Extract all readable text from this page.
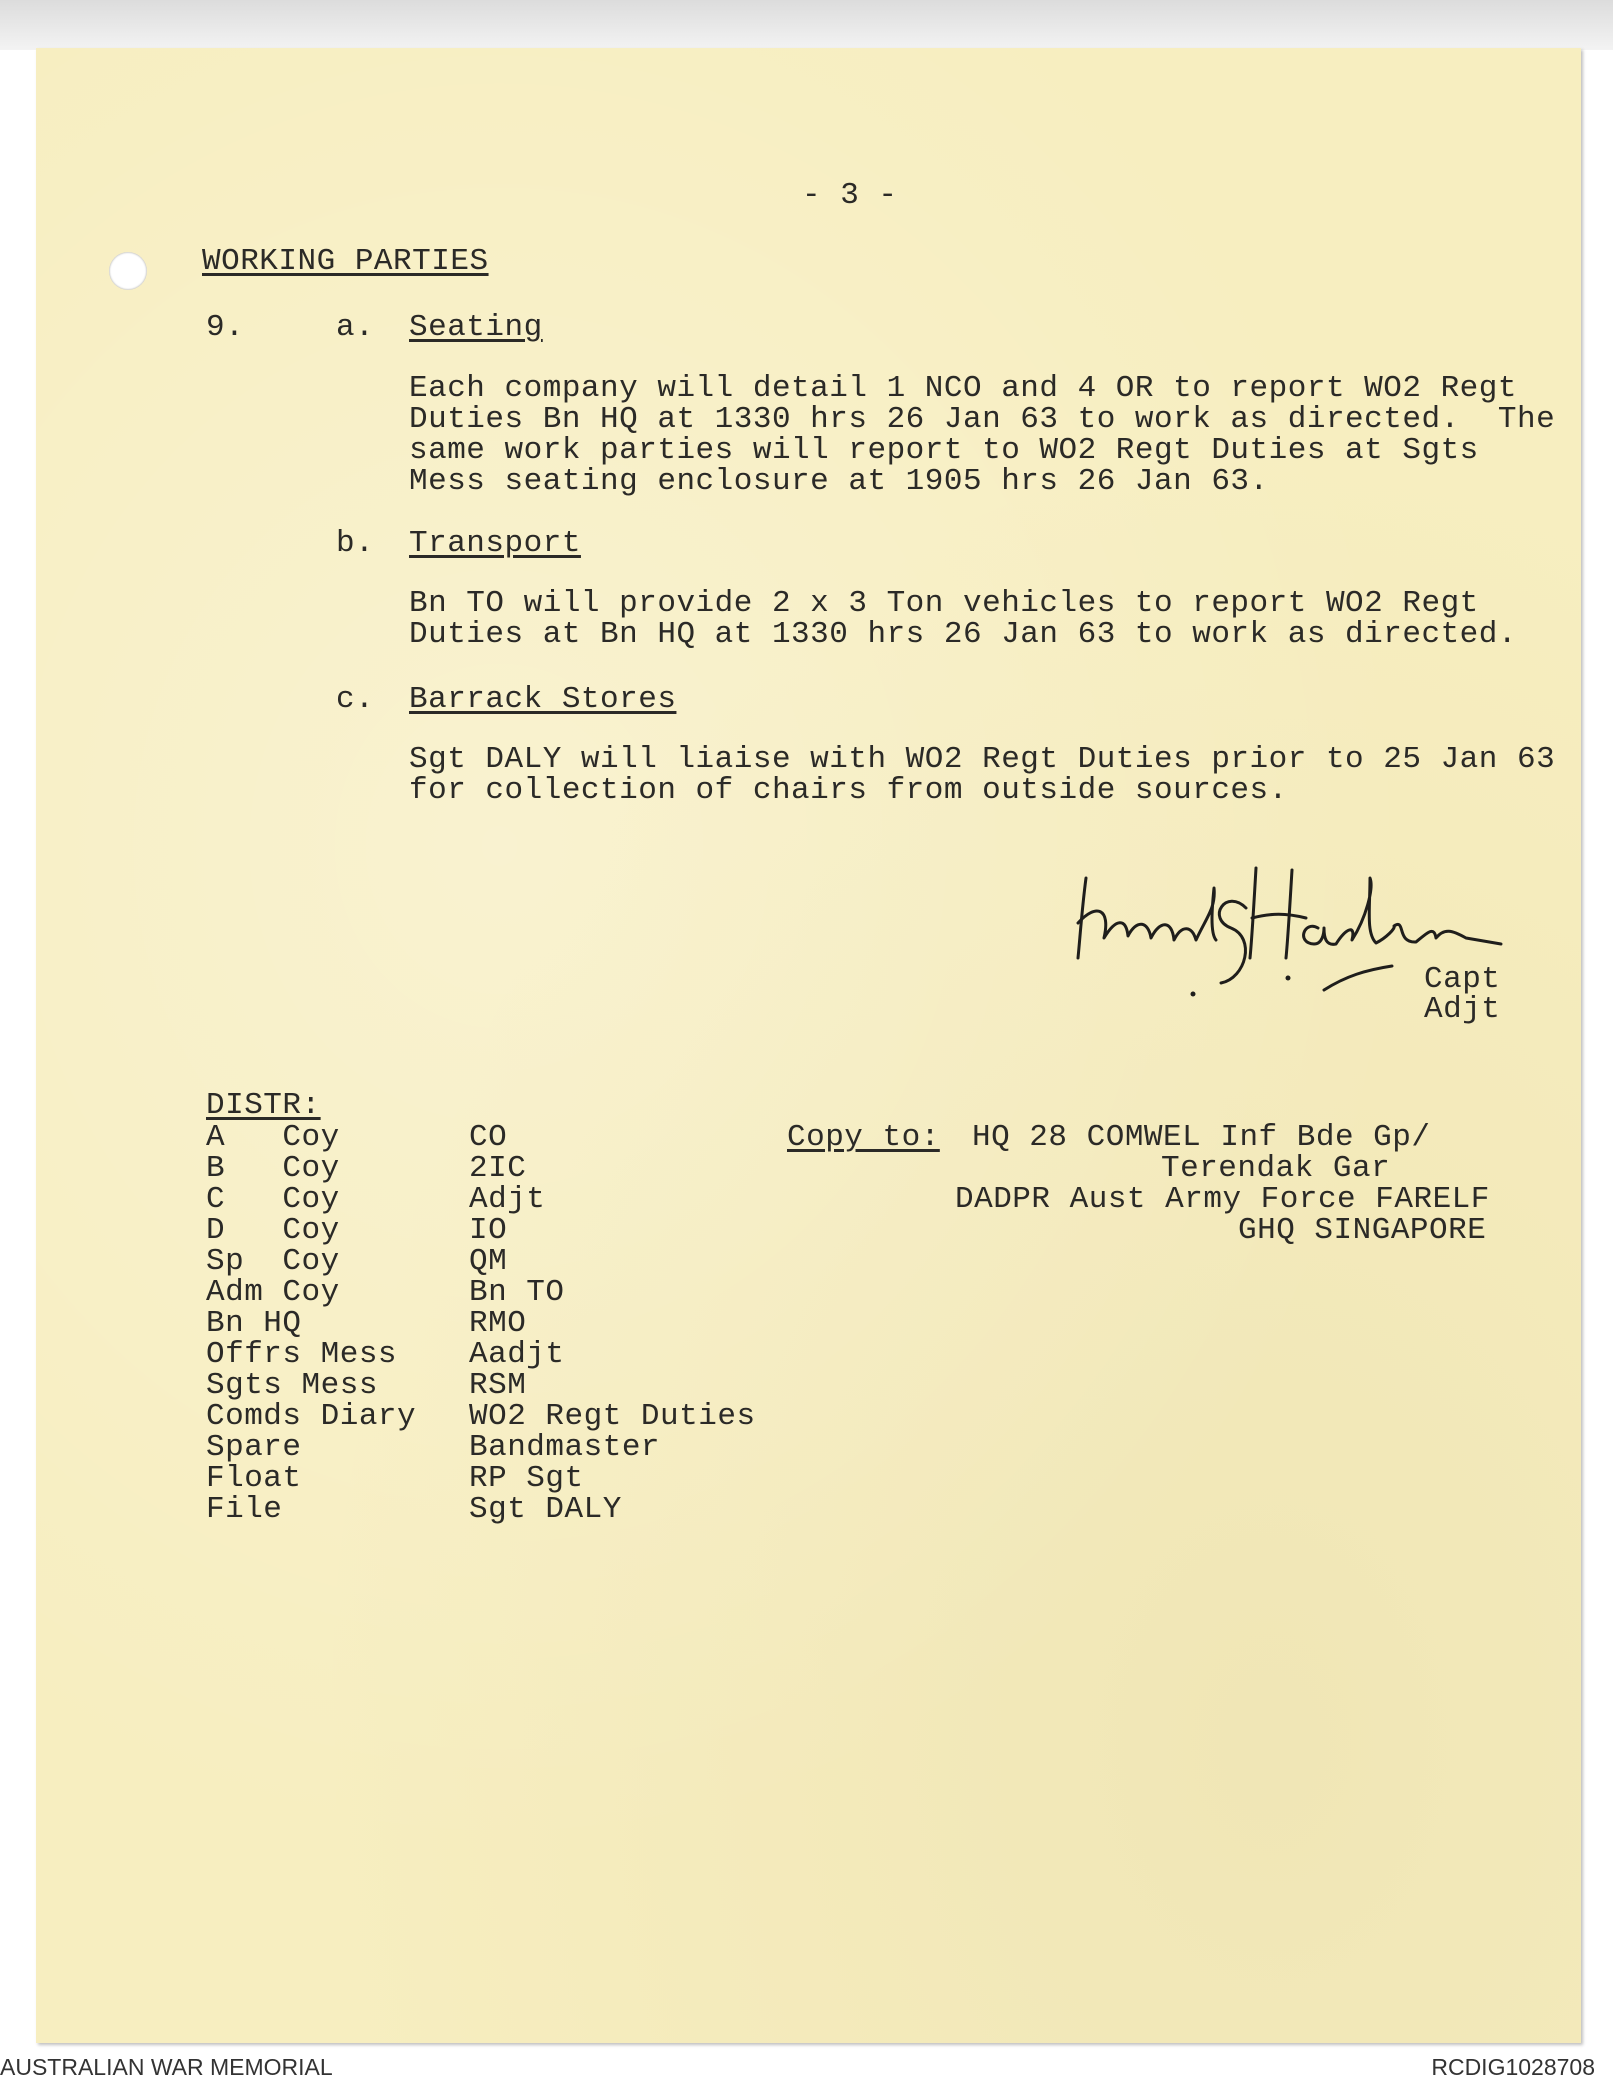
- 3 -
WORKING PARTIES
9.	a. Seating
Each company will detail 1 NCO and 4 OR to report WO2 Regt
Duties Bn HQ at 1330 hrs 26 Jan 63 to work as directed.  The
same work parties will report to WO2 Regt Duties at Sgts
Mess seating enclosure at 1905 hrs 26 Jan 63.
b. Transport
Bn TO will provide 2 x 3 Ton vehicles to report WO2 Regt
Duties at Bn HQ at 1330 hrs 26 Jan 63 to work as directed.
c. Barrack Stores
Sgt DALY will liaise with WO2 Regt Duties prior to 25 Jan 63
for collection of chairs from outside sources.
Capt
Adjt
DISTR:
A   Coy
B   Coy
C   Coy
D   Coy
Sp  Coy
Adm Coy
Bn HQ
Offrs Mess
Sgts Mess
Comds Diary
Spare
Float
File
CO
2IC
Adjt
IO
QM
Bn TO
RMO
Aadjt
RSM
WO2 Regt Duties
Bandmaster
RP Sgt
Sgt DALY
Copy to: HQ 28 COMWEL Inf Bde Gp/
Terendak Gar
DADPR Aust Army Force FARELF
GHQ SINGAPORE
AUSTRALIAN WAR MEMORIAL	RCDIG1028708
